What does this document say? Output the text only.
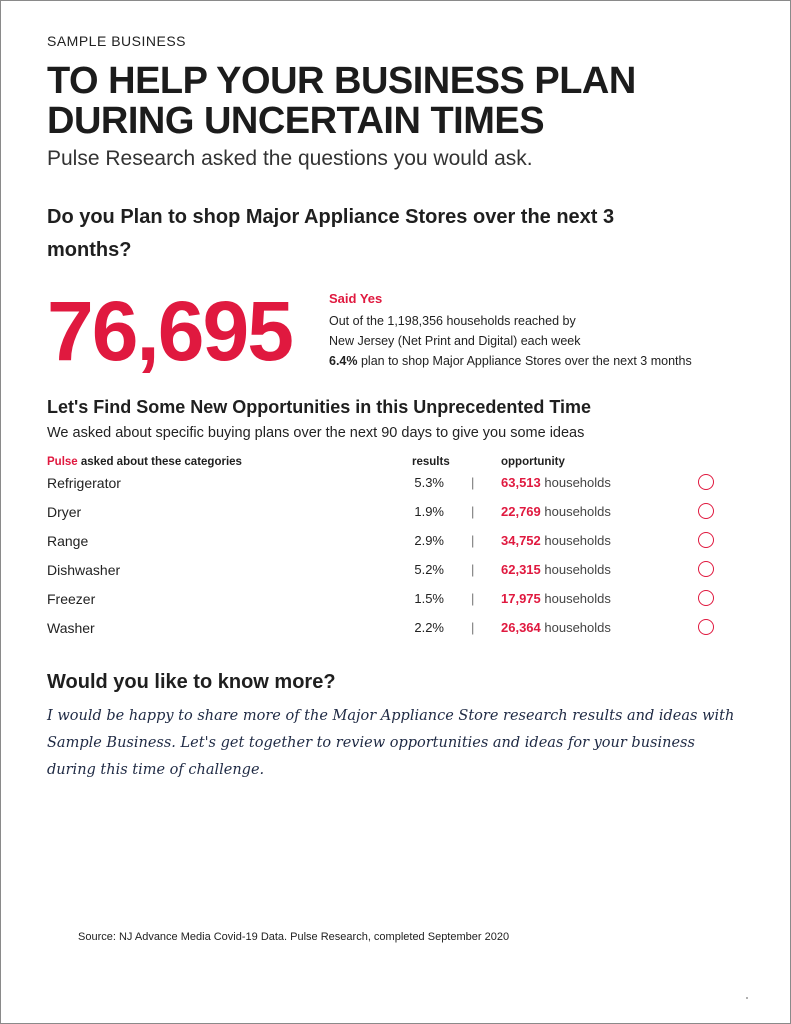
SAMPLE BUSINESS
TO HELP YOUR BUSINESS PLAN
DURING UNCERTAIN TIMES
Pulse Research asked the questions you would ask.
Do you Plan to shop Major Appliance Stores over the next 3
months?
76,695	Said Yes
Out of the 1,198,356 households reached by
New Jersey (Net Print and Digital) each week
6.4% plan to shop Major Appliance Stores over the next 3 months
Let's Find Some New Opportunities in this Unprecedented Time
We asked about specific buying plans over the next 90 days to give you some ideas
Pulse asked about these categories	results	opportunity
Refrigerator	5.3% | 63,513 households
Dryer	1.9% | 22,769 households
Range	2.9% | 34,752 households
Dishwasher	5.2% | 62,315 households
Freezer	1.5% | 17,975 households
Washer	2.2% | 26,364 households
Would you like to know more?
I would be happy to share more of the Major Appliance Store research results and ideas with Sample Business. Let's get together to review opportunities and ideas for your business during this time of challenge.
Source: NJ Advance Media Covid-19 Data. Pulse Research, completed September 2020
